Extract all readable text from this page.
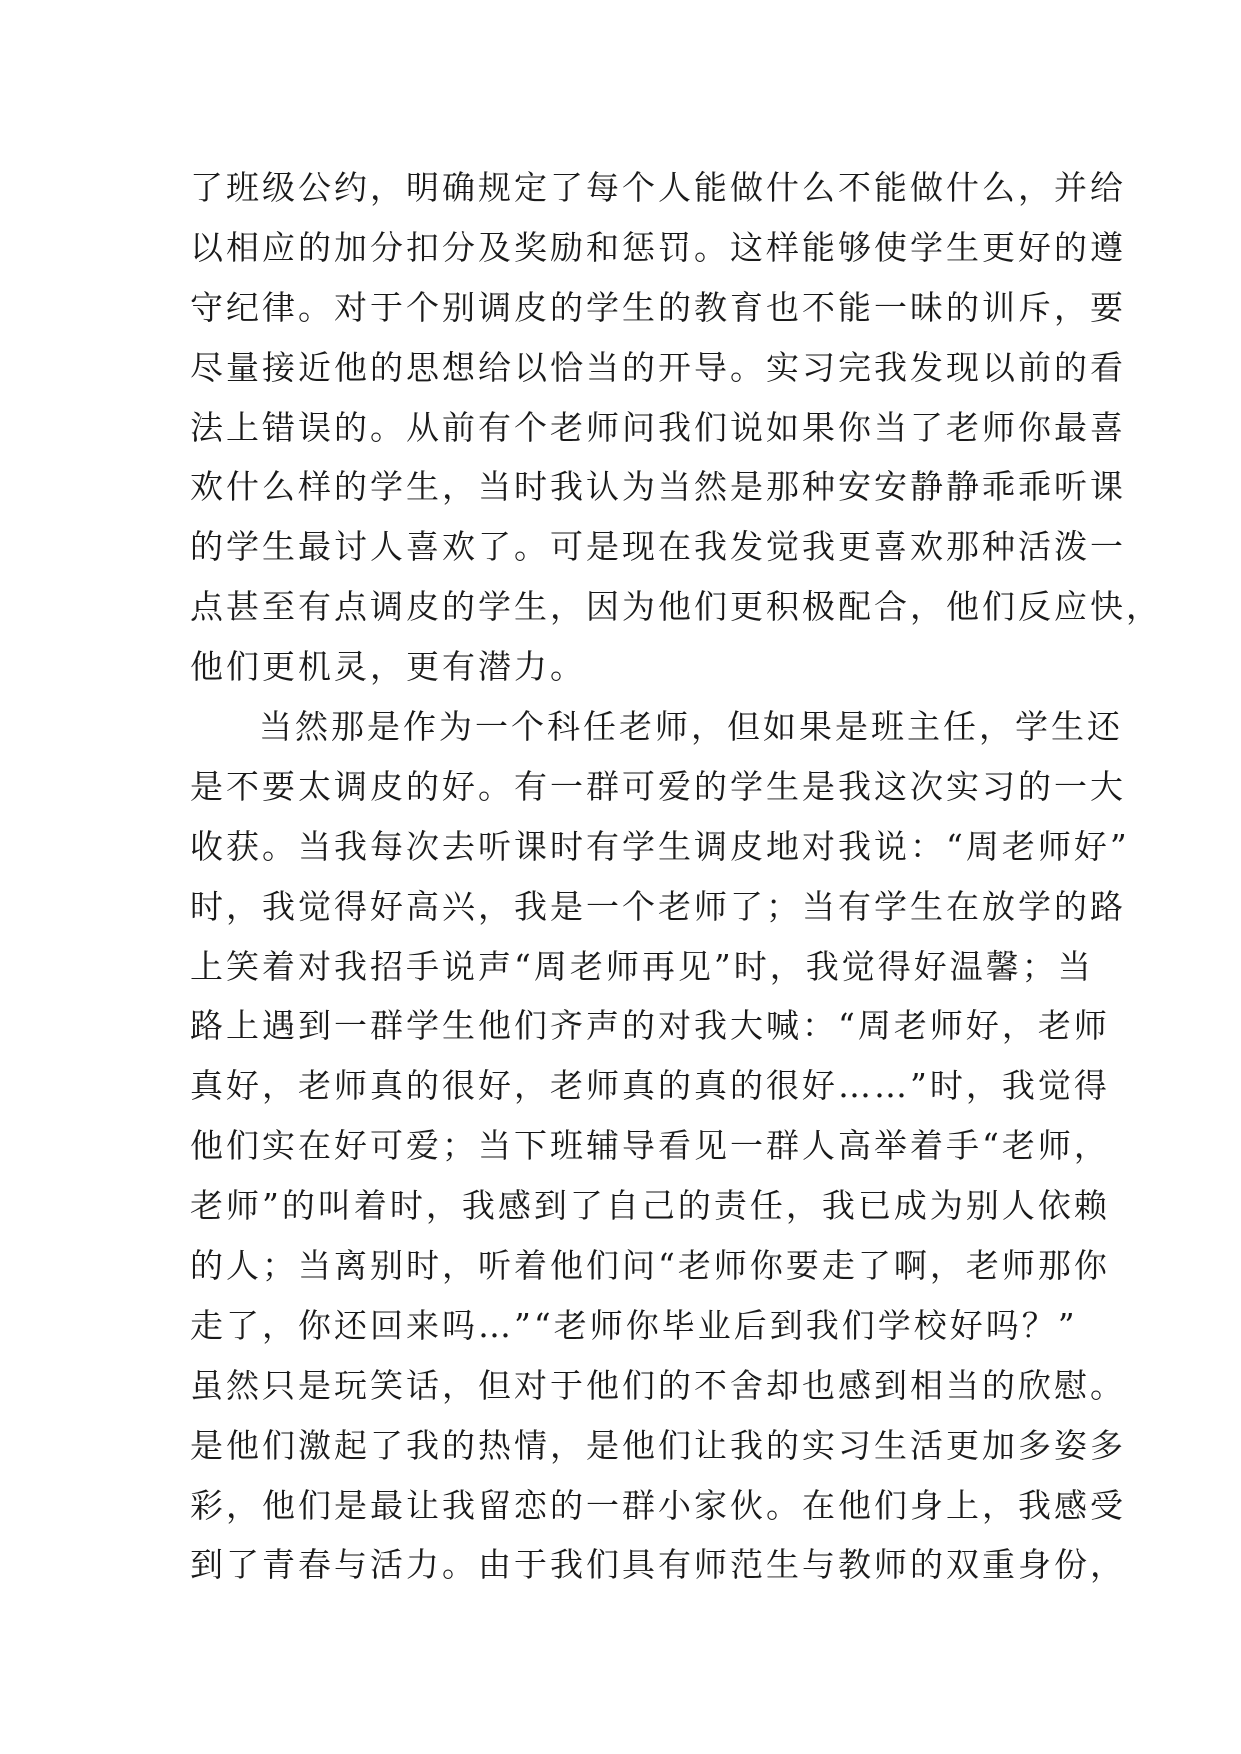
了班级公约，明确规定了每个人能做什么不能做什么，并给
以相应的加分扣分及奖励和惩罚。这样能够使学生更好的遵
守纪律。对于个别调皮的学生的教育也不能一昧的训斥，要
尽量接近他的思想给以恰当的开导。实习完我发现以前的看
法上错误的。从前有个老师问我们说如果你当了老师你最喜
欢什么样的学生，当时我认为当然是那种安安静静乖乖听课
的学生最讨人喜欢了。可是现在我发觉我更喜欢那种活泼一
点甚至有点调皮的学生，因为他们更积极配合，他们反应快，
他们更机灵，更有潜力。
当然那是作为一个科任老师，但如果是班主任，学生还
是不要太调皮的好。有一群可爱的学生是我这次实习的一大
收获。当我每次去听课时有学生调皮地对我说：“周老师好”
时，我觉得好高兴，我是一个老师了；当有学生在放学的路
上笑着对我招手说声“周老师再见”时，我觉得好温馨；当
路上遇到一群学生他们齐声的对我大喊：“周老师好，老师
真好，老师真的很好，老师真的真的很好……”时，我觉得
他们实在好可爱；当下班辅导看见一群人高举着手“老师，
老师”的叫着时，我感到了自己的责任，我已成为别人依赖
的人；当离别时，听着他们问“老师你要走了啊，老师那你
走了，你还回来吗…”“老师你毕业后到我们学校好吗？”
虽然只是玩笑话，但对于他们的不舍却也感到相当的欣慰。
是他们激起了我的热情，是他们让我的实习生活更加多姿多
彩，他们是最让我留恋的一群小家伙。在他们身上，我感受
到了青春与活力。由于我们具有师范生与教师的双重身份，
